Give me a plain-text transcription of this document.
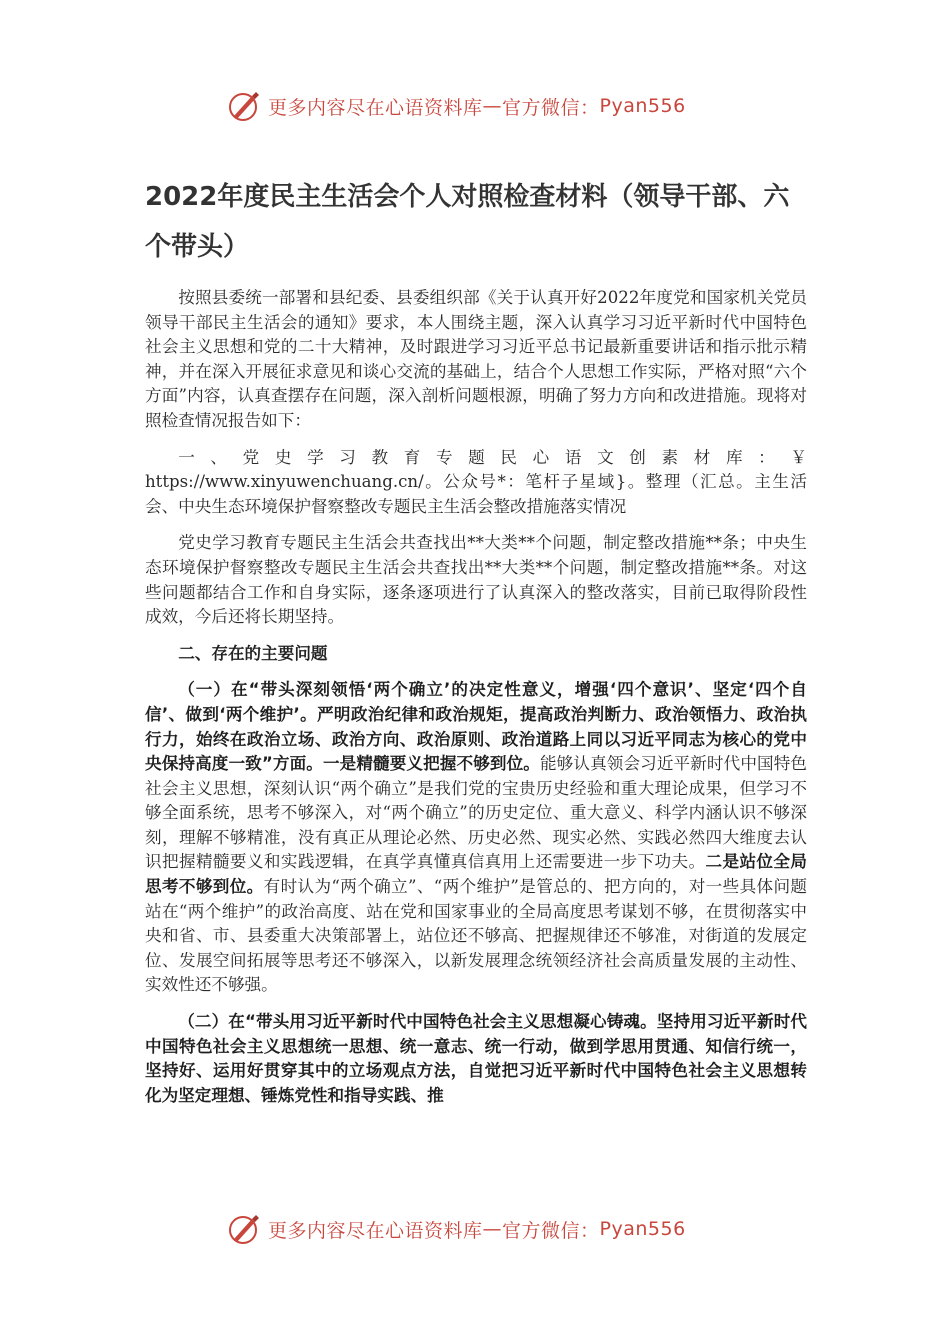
更多内容尽在心语资料库 — 官方微信： Pyan556
2022年度民主生活会个人对照检查材料（领导干部、六个带头）

按照县委统一部署和县纪委、县委组织部《关于认真开好2022年度党和国家机关党员领导干部民主生活会的通知》要求，本人围绕主题，深入认真学习习近平新时代中国特色社会主义思想和党的二十大精神，及时跟进学习习近平总书记最新重要讲话和指示批示精神，并在深入开展征求意见和谈心交流的基础上，结合个人思想工作实际，严格对照“六个方面”内容，认真查摆存在问题，深入剖析问题根源，明确了努力方向和改进措施。现将对照检查情况报告如下：

一、党史学习教育专题民心语文创素材库：￥ https://www.xinyuwenchuang.cn/。公众号*：笔杆子星域}。整理（汇总。主生活会、中央生态环境保护督察整改专题民主生活会整改措施落实情况

党史学习教育专题民主生活会共查找出**大类**个问题，制定整改措施**条；中央生态环境保护督察整改专题民主生活会共查找出**大类**个问题，制定整改措施**条。对这些问题都结合工作和自身实际，逐条逐项进行了认真深入的整改落实，目前已取得阶段性成效，今后还将长期坚持。

二、存在的主要问题

（一）在“带头深刻领悟‘两个确立’的决定性意义，增强‘四个意识’、坚定‘四个自信’、做到‘两个维护’。严明政治纪律和政治规矩，提高政治判断力、政治领悟力、政治执行力，始终在政治立场、政治方向、政治原则、政治道路上同以习近平同志为核心的党中央保持高度一致”方面。一是精髓要义把握不够到位。能够认真领会习近平新时代中国特色社会主义思想，深刻认识“两个确立”是我们党的宝贵历史经验和重大理论成果，但学习不够全面系统，思考不够深入，对“两个确立”的历史定位、重大意义、科学内涵认识不够深刻，理解不够精准，没有真正从理论必然、历史必然、现实必然、实践必然四大维度去认识把握精髓要义和实践逻辑，在真学真懂真信真用上还需要进一步下功夫。二是站位全局思考不够到位。有时认为“两个确立”、“两个维护”是管总的、把方向的，对一些具体问题站在“两个维护”的政治高度、站在党和国家事业的全局高度思考谋划不够，在贯彻落实中央和省、市、县委重大决策部署上，站位还不够高、把握规律还不够准，对街道的发展定位、发展空间拓展等思考还不够深入，以新发展理念统领经济社会高质量发展的主动性、实效性还不够强。

（二）在“带头用习近平新时代中国特色社会主义思想凝心铸魂。坚持用习近平新时代中国特色社会主义思想统一思想、统一意志、统一行动，做到学思用贯通、知信行统一，坚持好、运用好贯穿其中的立场观点方法，自觉把习近平新时代中国特色社会主义思想转化为坚定理想、锤炼党性和指导实践、推

更多内容尽在心语资料库 — 官方微信： Pyan556
